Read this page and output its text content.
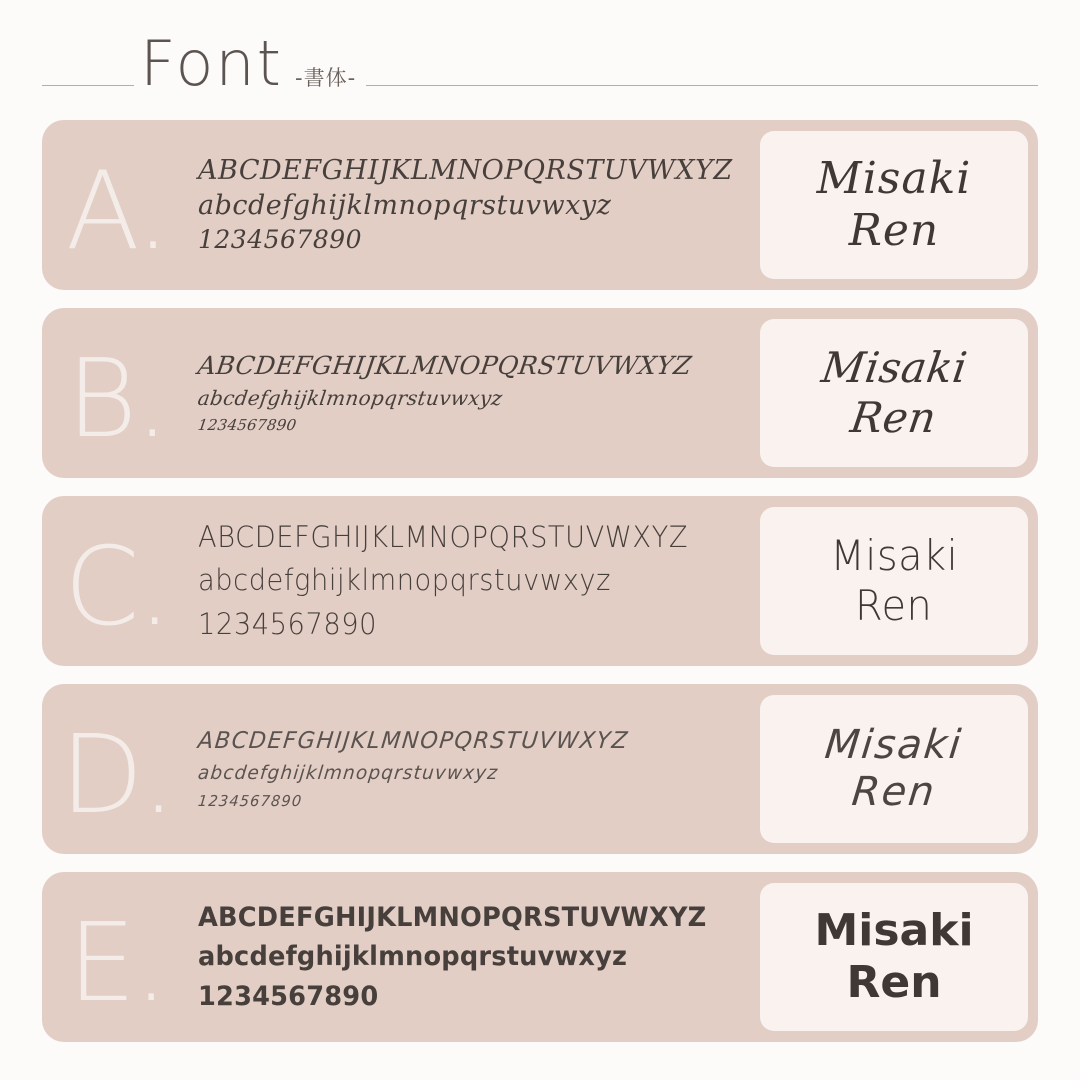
Font -書体-
A. ABCDEFGHIJKLMNOPQRSTUVWXYZ
abcdefghijklmnopqrstuvwxyz
1234567890
Misaki
Ren
B. ABCDEFGHIJKLMNOPQRSTUVWXYZ
abcdefghijklmnopqrstuvwxyz
1234567890
Misaki
Ren
C. ABCDEFGHIJKLMNOPQRSTUVWXYZ
abcdefghijklmnopqrstuvwxyz
1234567890
Misaki
Ren
D. ABCDEFGHIJKLMNOPQRSTUVWXYZ
abcdefghijklmnopqrstuvwxyz
1234567890
Misaki
Ren
E. ABCDEFGHIJKLMNOPQRSTUVWXYZ
abcdefghijklmnopqrstuvwxyz
1234567890
Misaki
Ren
